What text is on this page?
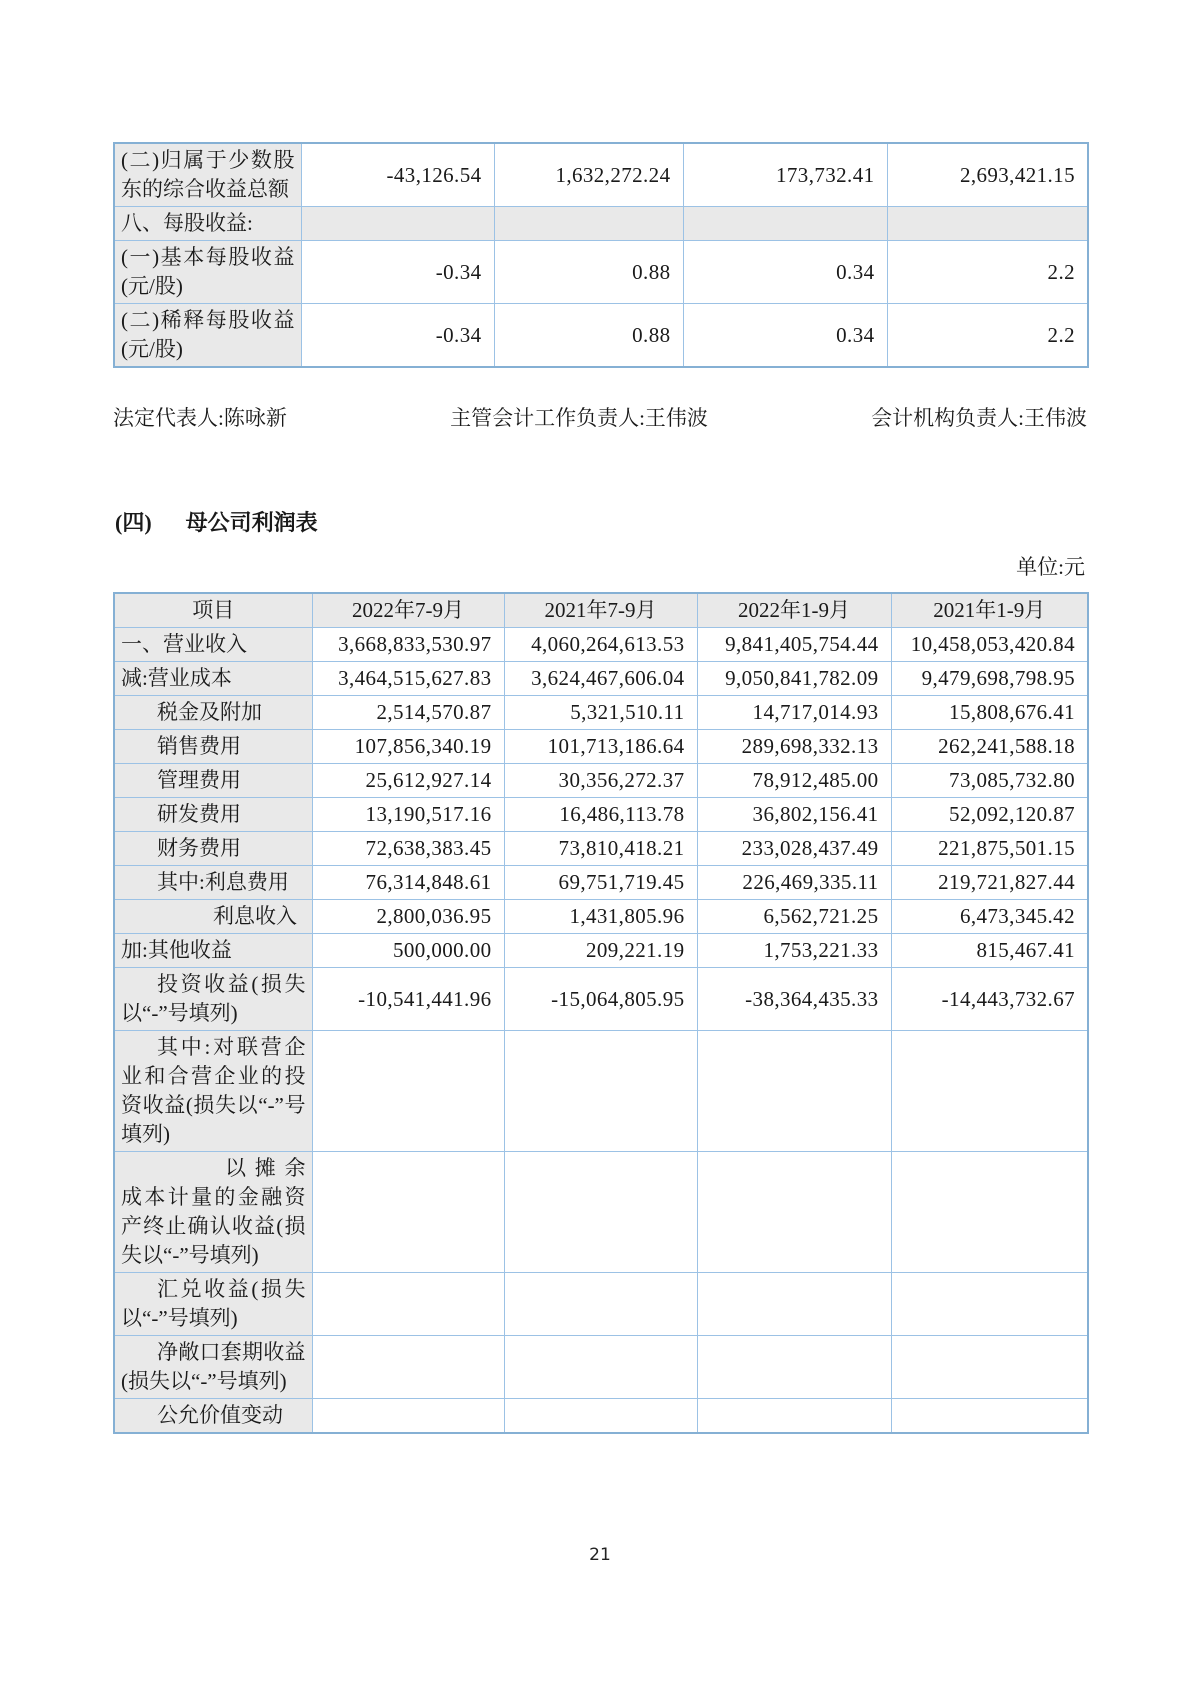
(二)归属于少数股东的综合收益总额	-43,126.54	1,632,272.24	173,732.41	2,693,421.15
八、每股收益:				
(一)基本每股收益(元/股)	-0.34	0.88	0.34	2.2
(二)稀释每股收益(元/股)	-0.34	0.88	0.34	2.2
法定代表人:陈咏新	主管会计工作负责人:王伟波	会计机构负责人:王伟波
(四) 母公司利润表
单位:元
项目	2022年7-9月	2021年7-9月	2022年1-9月	2021年1-9月
一、营业收入	3,668,833,530.97	4,060,264,613.53	9,841,405,754.44	10,458,053,420.84
减:营业成本	3,464,515,627.83	3,624,467,606.04	9,050,841,782.09	9,479,698,798.95
税金及附加	2,514,570.87	5,321,510.11	14,717,014.93	15,808,676.41
销售费用	107,856,340.19	101,713,186.64	289,698,332.13	262,241,588.18
管理费用	25,612,927.14	30,356,272.37	78,912,485.00	73,085,732.80
研发费用	13,190,517.16	16,486,113.78	36,802,156.41	52,092,120.87
财务费用	72,638,383.45	73,810,418.21	233,028,437.49	221,875,501.15
其中:利息费用	76,314,848.61	69,751,719.45	226,469,335.11	219,721,827.44
利息收入	2,800,036.95	1,431,805.96	6,562,721.25	6,473,345.42
加:其他收益	500,000.00	209,221.19	1,753,221.33	815,467.41
投资收益(损失以“-”号填列)	-10,541,441.96	-15,064,805.95	-38,364,435.33	-14,443,732.67
其中:对联营企业和合营企业的投资收益(损失以“-”号填列)				
以摊余成本计量的金融资产终止确认收益(损失以“-”号填列)				
汇兑收益(损失以“-”号填列)				
净敞口套期收益(损失以“-”号填列)				
公允价值变动				
21
